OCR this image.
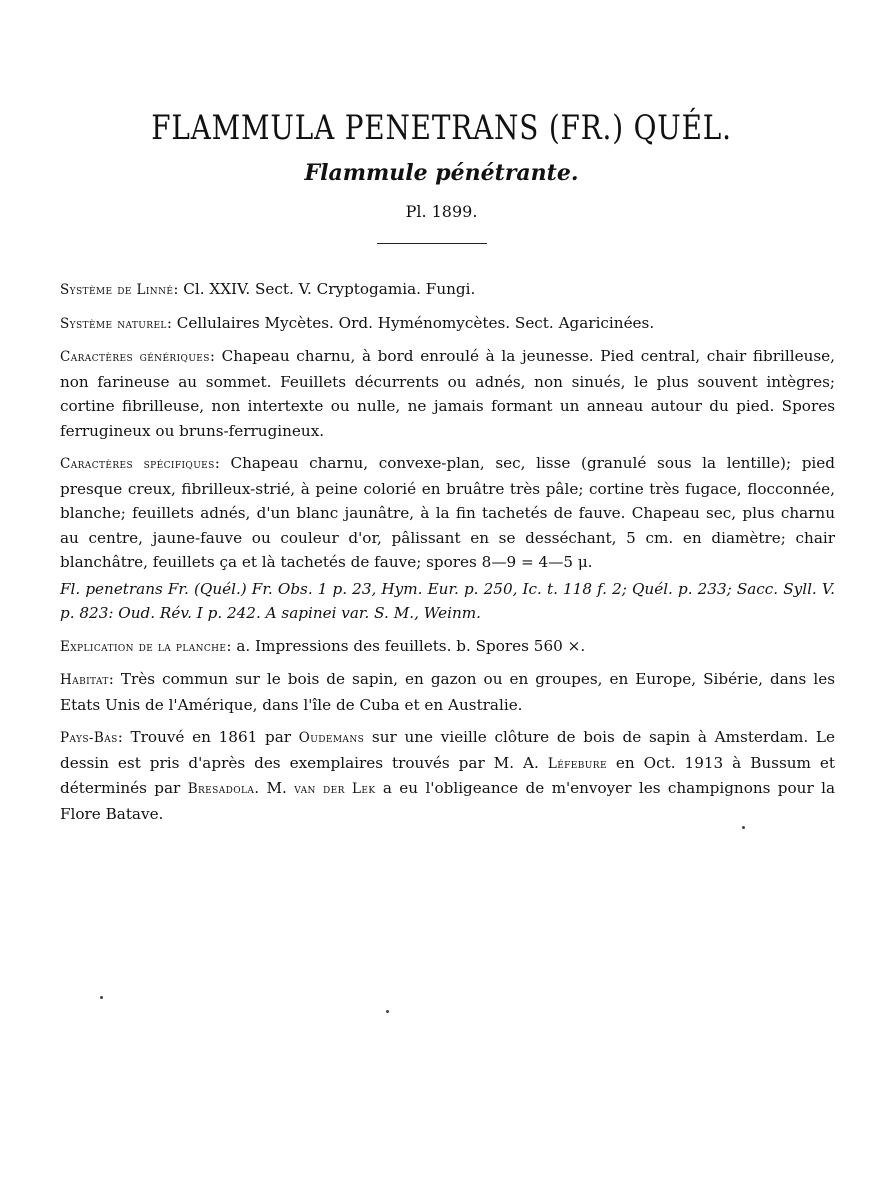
FLAMMULA PENETRANS (FR.) QUÉL.
Flammule pénétrante.
Pl. 1899.

Système de Linné: Cl. XXIV. Sect. V. Cryptogamia. Fungi.

Système naturel: Cellulaires Mycètes. Ord. Hyménomycètes. Sect. Agaricinées.

Caractères génériques: Chapeau charnu, à bord enroulé à la jeunesse. Pied central, chair fibrilleuse, non farineuse au sommet. Feuillets décurrents ou adnés, non sinués, le plus souvent intègres; cortine fibrilleuse, non intertexte ou nulle, ne jamais formant un anneau autour du pied. Spores ferrugineux ou bruns-ferrugineux.

Caractères spécifiques: Chapeau charnu, convexe-plan, sec, lisse (granulé sous la lentille); pied presque creux, fibrilleux-strié, à peine colorié en bruâtre très pâle; cortine très fugace, flocconnée, blanche; feuillets adnés, d'un blanc jaunâtre, à la fin tachetés de fauve. Chapeau sec, plus charnu au centre, jaune-fauve ou couleur d'or, pâlissant en se desséchant, 5 cm. en diamètre; chair blanchâtre, feuillets ça et là tachetés de fauve; spores 8—9 = 4—5 μ.

Fl. penetrans Fr. (Quél.) Fr. Obs. 1 p. 23, Hym. Eur. p. 250, Ic. t. 118 f. 2; Quél. p. 233; Sacc. Syll. V. p. 823: Oud. Rév. I p. 242. A sapinei var. S. M., Weinm.

Explication de la planche: a. Impressions des feuillets. b. Spores 560 ×.

Habitat: Très commun sur le bois de sapin, en gazon ou en groupes, en Europe, Sibérie, dans les Etats Unis de l'Amérique, dans l'île de Cuba et en Australie.

Pays-Bas: Trouvé en 1861 par Oudemans sur une vieille clôture de bois de sapin à Amsterdam. Le dessin est pris d'après des exemplaires trouvés par M. A. Léfebure en Oct. 1913 à Bussum et déterminés par Bresadola. M. van der Lek a eu l'obligeance de m'envoyer les champignons pour la Flore Batave.
